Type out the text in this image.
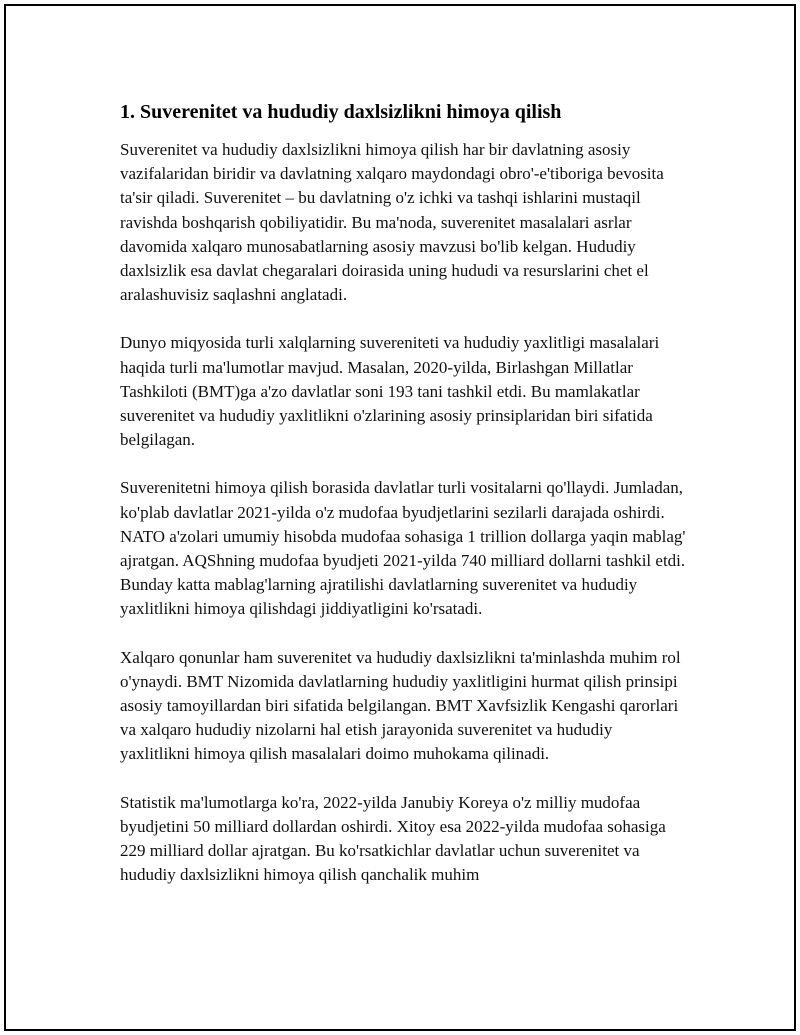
1. Suverenitet va hududiy daxlsizlikni himoya qilish

Suverenitet va hududiy daxlsizlikni himoya qilish har bir davlatning asosiy vazifalaridan biridir va davlatning xalqaro maydondagi obro'-e'tiboriga bevosita ta'sir qiladi. Suverenitet – bu davlatning o'z ichki va tashqi ishlarini mustaqil ravishda boshqarish qobiliyatidir. Bu ma'noda, suverenitet masalalari asrlar davomida xalqaro munosabatlarning asosiy mavzusi bo'lib kelgan. Hududiy daxlsizlik esa davlat chegaralari doirasida uning hududi va resurslarini chet el aralashuvisiz saqlashni anglatadi.

Dunyo miqyosida turli xalqlarning suvereniteti va hududiy yaxlitligi masalalari haqida turli ma'lumotlar mavjud. Masalan, 2020-yilda, Birlashgan Millatlar Tashkiloti (BMT)ga a'zo davlatlar soni 193 tani tashkil etdi. Bu mamlakatlar suverenitet va hududiy yaxlitlikni o'zlarining asosiy prinsiplaridan biri sifatida belgilagan.

Suverenitetni himoya qilish borasida davlatlar turli vositalarni qo'llaydi. Jumladan, ko'plab davlatlar 2021-yilda o'z mudofaa byudjetlarini sezilarli darajada oshirdi. NATO a'zolari umumiy hisobda mudofaa sohasiga 1 trillion dollarga yaqin mablag' ajratgan. AQShning mudofaa byudjeti 2021-yilda 740 milliard dollarni tashkil etdi. Bunday katta mablag'larning ajratilishi davlatlarning suverenitet va hududiy yaxlitlikni himoya qilishdagi jiddiyatligini ko'rsatadi.

Xalqaro qonunlar ham suverenitet va hududiy daxlsizlikni ta'minlashda muhim rol o'ynaydi. BMT Nizomida davlatlarning hududiy yaxlitligini hurmat qilish prinsipi asosiy tamoyillardan biri sifatida belgilangan. BMT Xavfsizlik Kengashi qarorlari va xalqaro hududiy nizolarni hal etish jarayonida suverenitet va hududiy yaxlitlikni himoya qilish masalalari doimo muhokama qilinadi.

Statistik ma'lumotlarga ko'ra, 2022-yilda Janubiy Koreya o'z milliy mudofaa byudjetini 50 milliard dollardan oshirdi. Xitoy esa 2022-yilda mudofaa sohasiga 229 milliard dollar ajratgan. Bu ko'rsatkichlar davlatlar uchun suverenitet va hududiy daxlsizlikni himoya qilish qanchalik muhim
